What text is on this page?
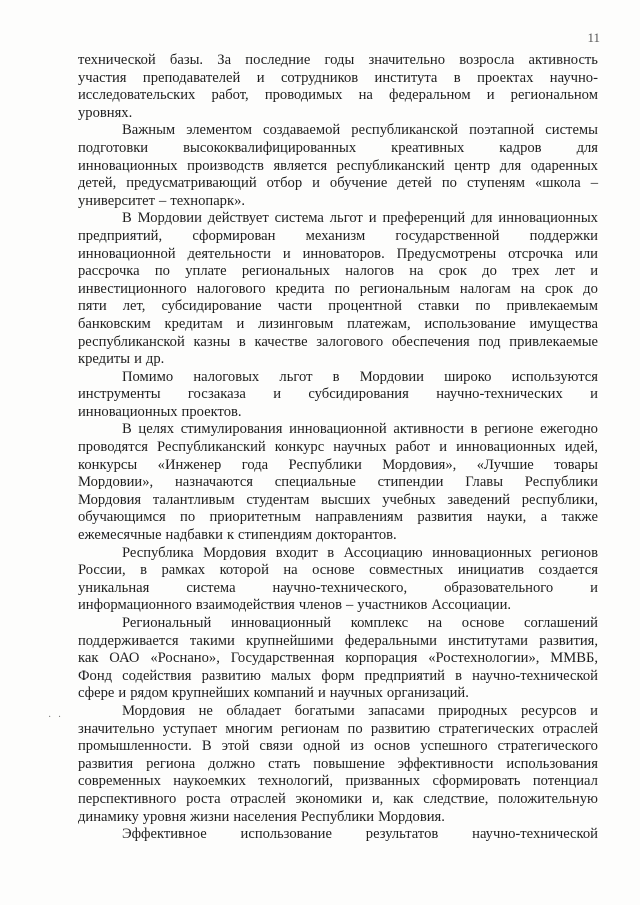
11
технической базы. За последние годы значительно возросла активность
участия преподавателей и сотрудников института в проектах научно-
исследовательских работ, проводимых на федеральном и региональном
уровнях.
Важным элементом создаваемой республиканской поэтапной системы
подготовки высококвалифицированных креативных кадров для
инновационных производств является республиканский центр для одаренных
детей, предусматривающий отбор и обучение детей по ступеням «школа –
университет – технопарк».
В Мордовии действует система льгот и преференций для инновационных
предприятий, сформирован механизм государственной поддержки
инновационной деятельности и инноваторов. Предусмотрены отсрочка или
рассрочка по уплате региональных налогов на срок до трех лет и
инвестиционного налогового кредита по региональным налогам на срок до
пяти лет, субсидирование части процентной ставки по привлекаемым
банковским кредитам и лизинговым платежам, использование имущества
республиканской казны в качестве залогового обеспечения под привлекаемые
кредиты и др.
Помимо налоговых льгот в Мордовии широко используются
инструменты госзаказа и субсидирования научно-технических и
инновационных проектов.
В целях стимулирования инновационной активности в регионе ежегодно
проводятся Республиканский конкурс научных работ и инновационных идей,
конкурсы «Инженер года Республики Мордовия», «Лучшие товары
Мордовии», назначаются специальные стипендии Главы Республики
Мордовия талантливым студентам высших учебных заведений республики,
обучающимся по приоритетным направлениям развития науки, а также
ежемесячные надбавки к стипендиям докторантов.
Республика Мордовия входит в Ассоциацию инновационных регионов
России, в рамках которой на основе совместных инициатив создается
уникальная	система	научно-технического,	образовательного	и
информационного взаимодействия членов – участников Ассоциации.
Региональный инновационный комплекс на основе соглашений
поддерживается такими крупнейшими федеральными институтами развития,
как ОАО «Роснано», Государственная корпорация «Ростехнологии», ММВБ,
Фонд содействия развитию малых форм предприятий в научно-технической
сфере и рядом крупнейших компаний и научных организаций.
Мордовия не обладает богатыми запасами природных ресурсов и
значительно уступает многим регионам по развитию стратегических отраслей
промышленности. В этой связи одной из основ успешного стратегического
развития региона должно стать повышение эффективности использования
современных наукоемких технологий, призванных сформировать потенциал
перспективного роста отраслей экономики и, как следствие, положительную
динамику уровня жизни населения Республики Мордовия.
Эффективное использование результатов научно-технической
· ·
